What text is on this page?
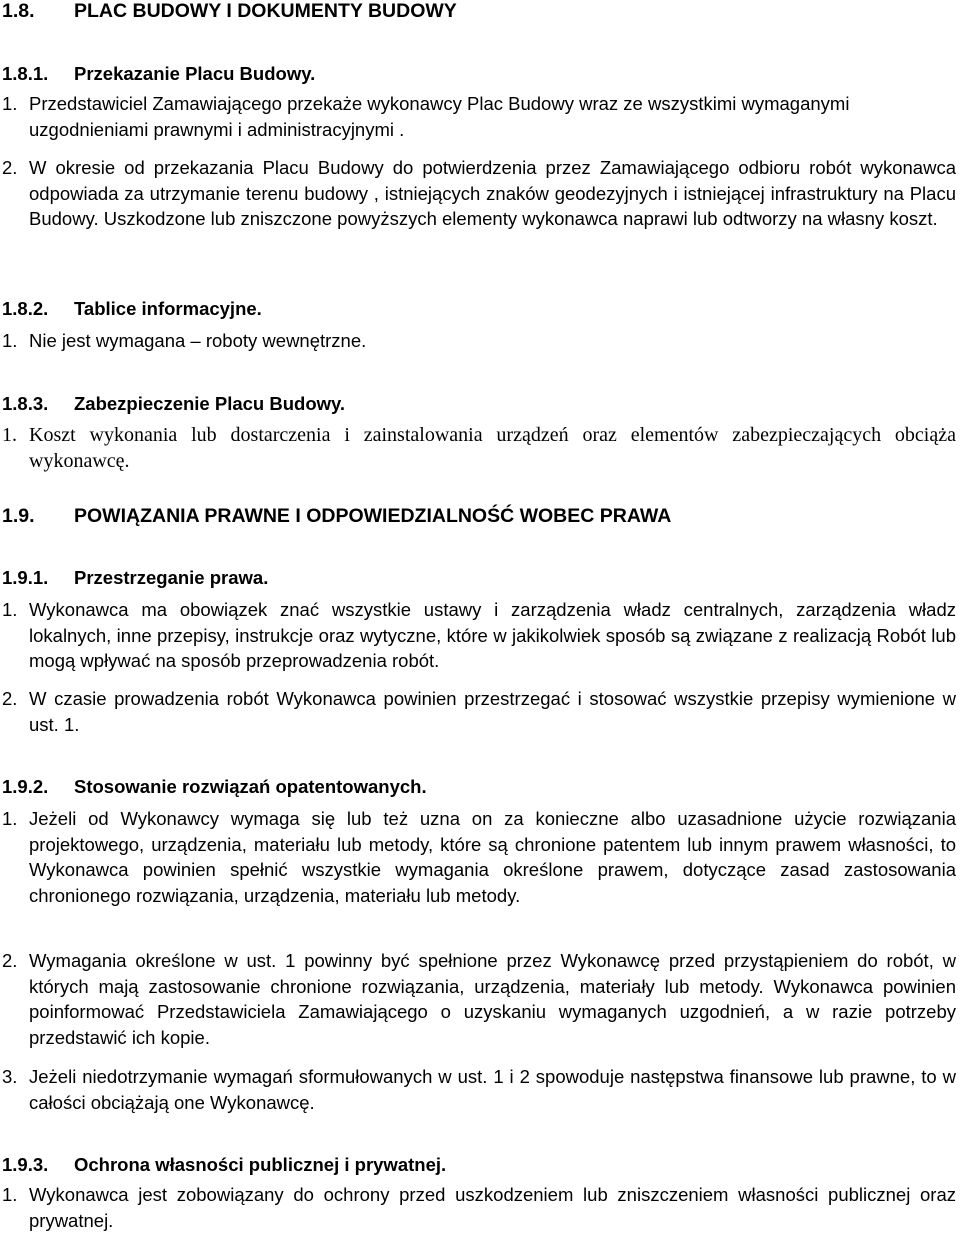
1.8. PLAC BUDOWY I DOKUMENTY BUDOWY
1.8.1. Przekazanie Placu Budowy.
1. Przedstawiciel Zamawiającego przekaże wykonawcy Plac Budowy wraz ze wszystkimi wymaganymi uzgodnieniami prawnymi i administracyjnymi .
2. W okresie od przekazania Placu Budowy do potwierdzenia przez Zamawiającego odbioru robót wykonawca odpowiada za utrzymanie terenu budowy , istniejących znaków geodezyjnych i istniejącej infrastruktury na Placu Budowy. Uszkodzone lub zniszczone powyższych elementy wykonawca naprawi lub odtworzy na własny koszt.
1.8.2. Tablice informacyjne.
1. Nie jest wymagana – roboty wewnętrzne.
1.8.3. Zabezpieczenie Placu Budowy.
1. Koszt wykonania lub dostarczenia i zainstalowania urządzeń oraz elementów zabezpieczających obciąża wykonawcę.
1.9. POWIĄZANIA PRAWNE I ODPOWIEDZIALNOŚĆ WOBEC PRAWA
1.9.1. Przestrzeganie prawa.
1. Wykonawca ma obowiązek znać wszystkie ustawy i zarządzenia władz centralnych, zarządzenia władz lokalnych, inne przepisy, instrukcje oraz wytyczne, które w jakikolwiek sposób są związane z realizacją Robót lub mogą wpływać na sposób przeprowadzenia robót.
2. W czasie prowadzenia robót Wykonawca powinien przestrzegać i stosować wszystkie przepisy wymienione w ust. 1.
1.9.2. Stosowanie rozwiązań opatentowanych.
1. Jeżeli od Wykonawcy wymaga się lub też uzna on za konieczne albo uzasadnione użycie rozwiązania projektowego, urządzenia, materiału lub metody, które są chronione patentem lub innym prawem własności, to Wykonawca powinien spełnić wszystkie wymagania określone prawem, dotyczące zasad zastosowania chronionego rozwiązania, urządzenia, materiału lub metody.
2. Wymagania określone w ust. 1 powinny być spełnione przez Wykonawcę przed przystąpieniem do robót, w których mają zastosowanie chronione rozwiązania, urządzenia, materiały lub metody. Wykonawca powinien poinformować Przedstawiciela Zamawiającego o uzyskaniu wymaganych uzgodnień, a w razie potrzeby przedstawić ich kopie.
3. Jeżeli niedotrzymanie wymagań sformułowanych w ust. 1 i 2 spowoduje następstwa finansowe lub prawne, to w całości obciążają one Wykonawcę.
1.9.3. Ochrona własności publicznej i prywatnej.
1. Wykonawca jest zobowiązany do ochrony przed uszkodzeniem lub zniszczeniem własności publicznej oraz prywatnej.
